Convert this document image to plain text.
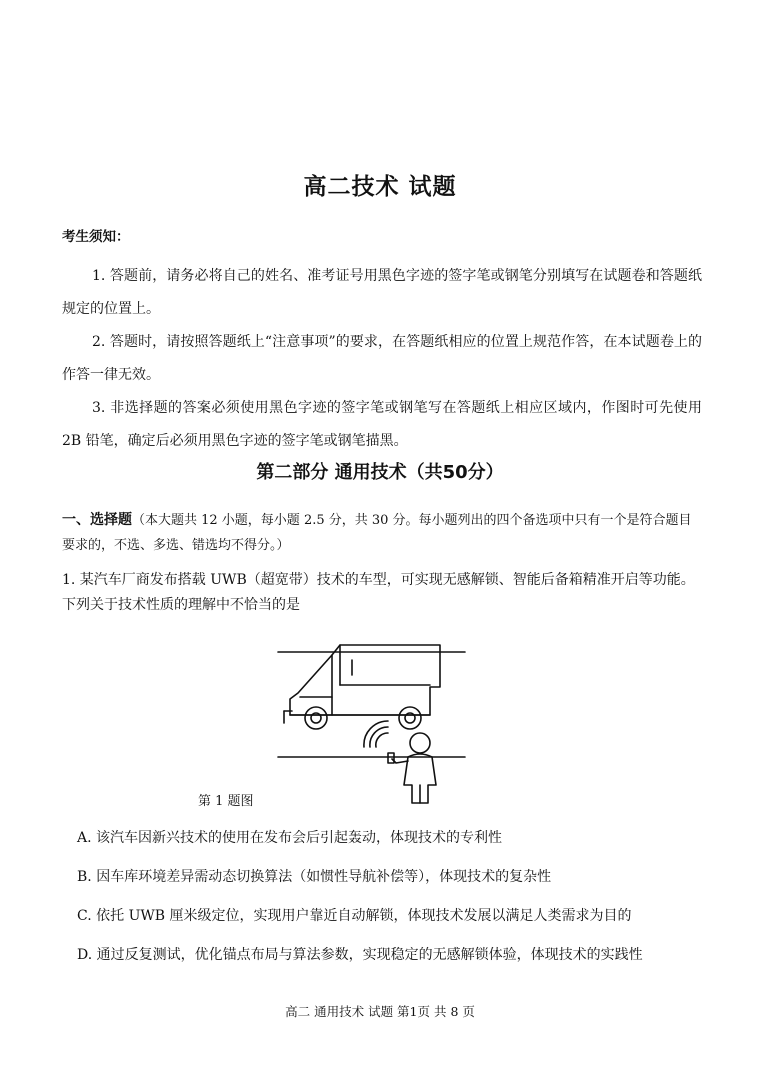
高二技术 试题
考生须知：
1. 答题前，请务必将自己的姓名、准考证号用黑色字迹的签字笔或钢笔分别填写在试题卷和答题纸规定的位置上。
2. 答题时，请按照答题纸上“注意事项”的要求，在答题纸相应的位置上规范作答，在本试题卷上的作答一律无效。
3. 非选择题的答案必须使用黑色字迹的签字笔或钢笔写在答题纸上相应区域内，作图时可先使用 2B 铅笔，确定后必须用黑色字迹的签字笔或钢笔描黑。
第二部分 通用技术（共50分）
一、选择题（本大题共 12 小题，每小题 2.5 分，共 30 分。每小题列出的四个备选项中只有一个是符合题目要求的，不选、多选、错选均不得分。）
1. 某汽车厂商发布搭载 UWB（超宽带）技术的车型，可实现无感解锁、智能后备箱精准开启等功能。下列关于技术性质的理解中不恰当的是
第 1 题图
A. 该汽车因新兴技术的使用在发布会后引起轰动，体现技术的专利性
B. 因车库环境差异需动态切换算法（如惯性导航补偿等），体现技术的复杂性
C. 依托 UWB 厘米级定位，实现用户靠近自动解锁，体现技术发展以满足人类需求为目的
D. 通过反复测试，优化锚点布局与算法参数，实现稳定的无感解锁体验，体现技术的实践性
高二 通用技术 试题 第1页 共 8 页
